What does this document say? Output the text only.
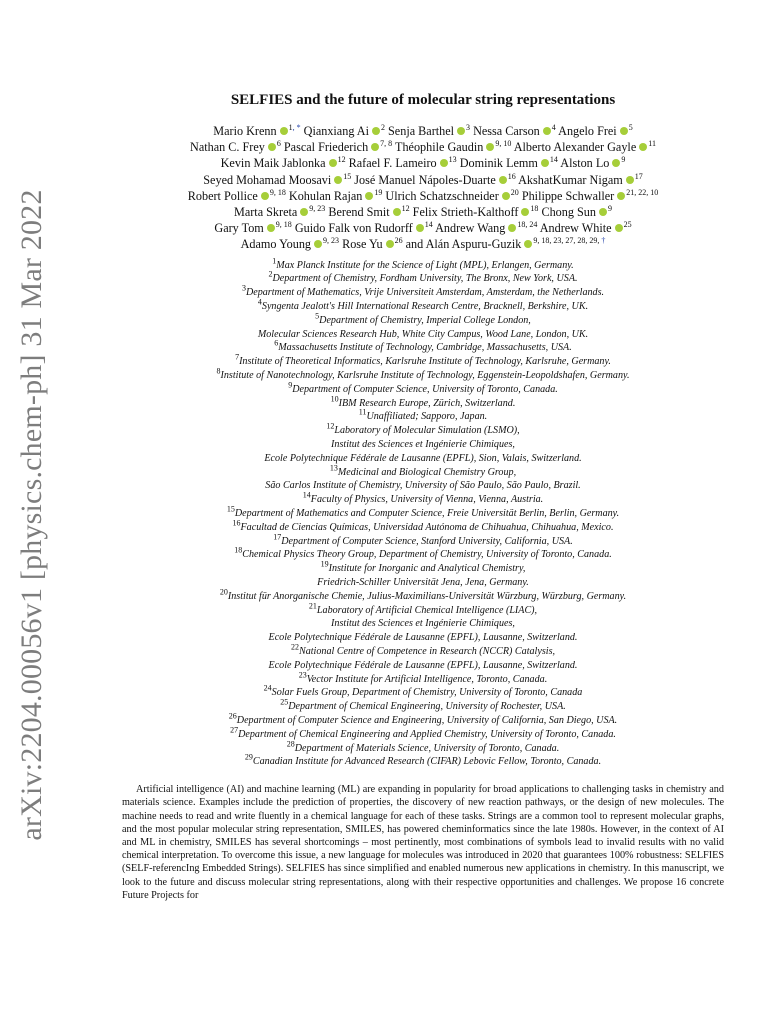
arXiv:2204.00056v1 [physics.chem-ph] 31 Mar 2022
SELFIES and the future of molecular string representations
Mario Krenn $^{1, *}$ Qianxiang Ai $^2$ Senja Barthel $^3$ Nessa Carson $^4$ Angelo Frei $^5$
Nathan C. Frey $^6$ Pascal Friederich $^{7, 8}$ Théophile Gaudin $^{9, 10}$ Alberto Alexander Gayle $^{11}$
Kevin Maik Jablonka $^{12}$ Rafael F. Lameiro $^{13}$ Dominik Lemm $^{14}$ Alston Lo $^9$
Seyed Mohamad Moosavi $^{15}$ José Manuel Nápoles-Duarte $^{16}$ AkshatKumar Nigam $^{17}$
Robert Pollice $^{9, 18}$ Kohulan Rajan $^{19}$ Ulrich Schatzschneider $^{20}$ Philippe Schwaller $^{21, 22, 10}$
Marta Skreta $^{9, 23}$ Berend Smit $^{12}$ Felix Strieth-Kalthoff $^{18}$ Chong Sun $^9$
Gary Tom $^{9, 18}$ Guido Falk von Rudorff $^{14}$ Andrew Wang $^{18, 24}$ Andrew White $^{25}$
Adamo Young $^{9, 23}$ Rose Yu $^{26}$ and Alán Aspuru-Guzik $^{9, 18, 23, 27, 28, 29, \dagger}$
$^1$Max Planck Institute for the Science of Light (MPL), Erlangen, Germany.
$^2$Department of Chemistry, Fordham University, The Bronx, New York, USA.
$^3$Department of Mathematics, Vrije Universiteit Amsterdam, Amsterdam, the Netherlands.
$^4$Syngenta Jealott's Hill International Research Centre, Bracknell, Berkshire, UK.
$^5$Department of Chemistry, Imperial College London,
Molecular Sciences Research Hub, White City Campus, Wood Lane, London, UK.
$^6$Massachusetts Institute of Technology, Cambridge, Massachusetts, USA.
$^7$Institute of Theoretical Informatics, Karlsruhe Institute of Technology, Karlsruhe, Germany.
$^8$Institute of Nanotechnology, Karlsruhe Institute of Technology, Eggenstein-Leopoldshafen, Germany.
$^9$Department of Computer Science, University of Toronto, Canada.
$^{10}$IBM Research Europe, Zürich, Switzerland.
$^{11}$Unaffiliated; Sapporo, Japan.
$^{12}$Laboratory of Molecular Simulation (LSMO),
Institut des Sciences et Ingénierie Chimiques,
Ecole Polytechnique Fédérale de Lausanne (EPFL), Sion, Valais, Switzerland.
$^{13}$Medicinal and Biological Chemistry Group,
São Carlos Institute of Chemistry, University of São Paulo, São Paulo, Brazil.
$^{14}$Faculty of Physics, University of Vienna, Vienna, Austria.
$^{15}$Department of Mathematics and Computer Science, Freie Universität Berlin, Berlin, Germany.
$^{16}$Facultad de Ciencias Químicas, Universidad Autónoma de Chihuahua, Chihuahua, Mexico.
$^{17}$Department of Computer Science, Stanford University, California, USA.
$^{18}$Chemical Physics Theory Group, Department of Chemistry, University of Toronto, Canada.
$^{19}$Institute for Inorganic and Analytical Chemistry,
Friedrich-Schiller Universität Jena, Jena, Germany.
$^{20}$Institut für Anorganische Chemie, Julius-Maximilians-Universität Würzburg, Würzburg, Germany.
$^{21}$Laboratory of Artificial Chemical Intelligence (LIAC),
Institut des Sciences et Ingénierie Chimiques,
Ecole Polytechnique Fédérale de Lausanne (EPFL), Lausanne, Switzerland.
$^{22}$National Centre of Competence in Research (NCCR) Catalysis,
Ecole Polytechnique Fédérale de Lausanne (EPFL), Lausanne, Switzerland.
$^{23}$Vector Institute for Artificial Intelligence, Toronto, Canada.
$^{24}$Solar Fuels Group, Department of Chemistry, University of Toronto, Canada
$^{25}$Department of Chemical Engineering, University of Rochester, USA.
$^{26}$Department of Computer Science and Engineering, University of California, San Diego, USA.
$^{27}$Department of Chemical Engineering and Applied Chemistry, University of Toronto, Canada.
$^{28}$Department of Materials Science, University of Toronto, Canada.
$^{29}$Canadian Institute for Advanced Research (CIFAR) Lebovic Fellow, Toronto, Canada.

Artificial intelligence (AI) and machine learning (ML) are expanding in popularity for broad applications to challenging tasks in chemistry and materials science. Examples include the prediction of properties, the discovery of new reaction pathways, or the design of new molecules. The machine needs to read and write fluently in a chemical language for each of these tasks. Strings are a common tool to represent molecular graphs, and the most popular molecular string representation, SMILES, has powered cheminformatics since the late 1980s. However, in the context of AI and ML in chemistry, SMILES has several shortcomings – most pertinently, most combinations of symbols lead to invalid results with no valid chemical interpretation. To overcome this issue, a new language for molecules was introduced in 2020 that guarantees 100% robustness: SELFIES (SELF-referencIng Embedded Strings). SELFIES has since simplified and enabled numerous new applications in chemistry. In this manuscript, we look to the future and discuss molecular string representations, along with their respective opportunities and challenges. We propose 16 concrete Future Projects for
